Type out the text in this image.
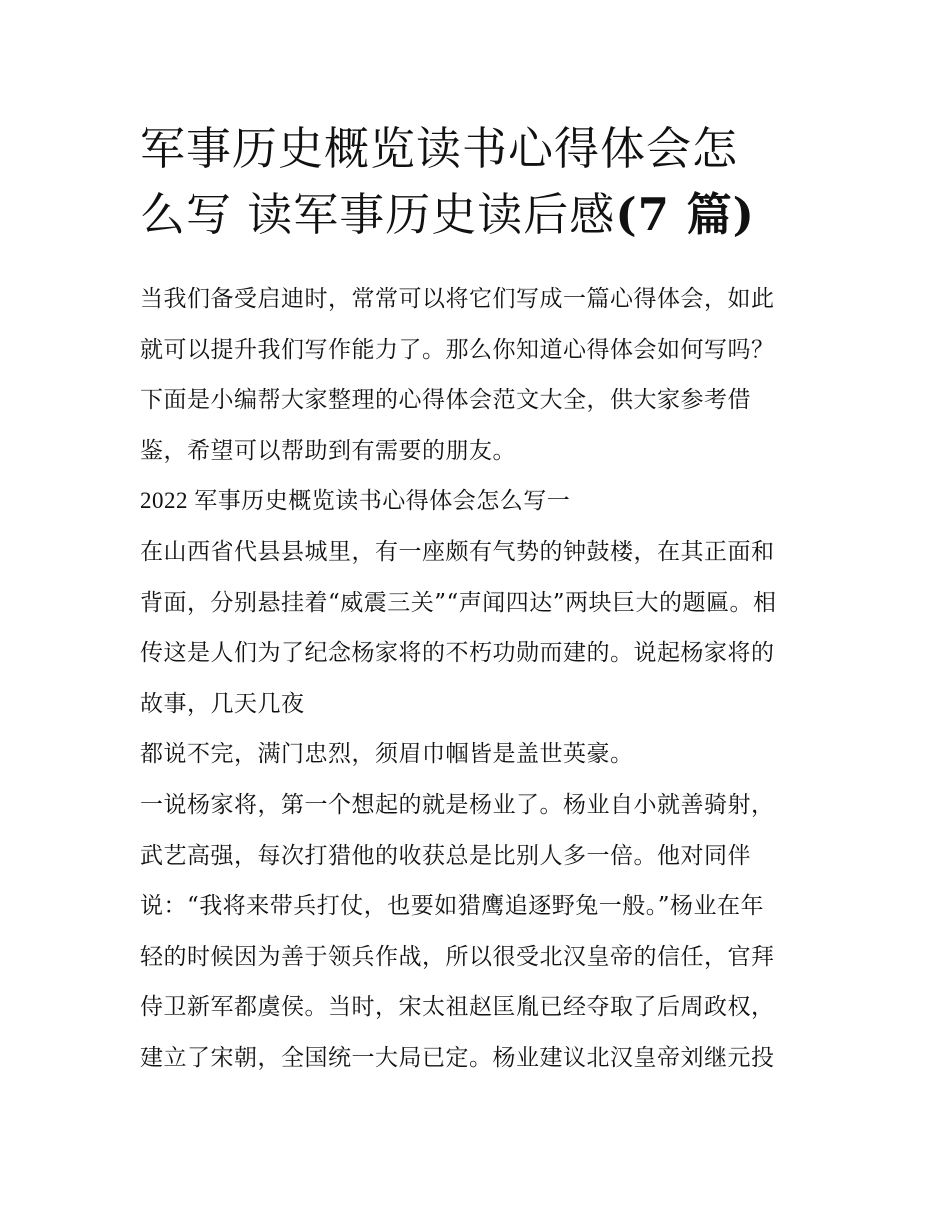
军事历史概览读书心得体会怎
么写 读军事历史读后感(7 篇)
当我们备受启迪时，常常可以将它们写成一篇心得体会，如此
就可以提升我们写作能力了。那么你知道心得体会如何写吗？
下面是小编帮大家整理的心得体会范文大全，供大家参考借
鉴，希望可以帮助到有需要的朋友。
2022 军事历史概览读书心得体会怎么写一
在山西省代县县城里，有一座颇有气势的钟鼓楼，在其正面和
背面，分别悬挂着“威震三关”“声闻四达”两块巨大的题匾。相
传这是人们为了纪念杨家将的不朽功勋而建的。说起杨家将的
故事，几天几夜
都说不完，满门忠烈，须眉巾帼皆是盖世英豪。
一说杨家将，第一个想起的就是杨业了。杨业自小就善骑射，
武艺高强，每次打猎他的收获总是比别人多一倍。他对同伴
说：“我将来带兵打仗，也要如猎鹰追逐野兔一般。”杨业在年
轻的时候因为善于领兵作战，所以很受北汉皇帝的信任，官拜
侍卫新军都虞侯。当时，宋太祖赵匡胤已经夺取了后周政权，
建立了宋朝，全国统一大局已定。杨业建议北汉皇帝刘继元投
